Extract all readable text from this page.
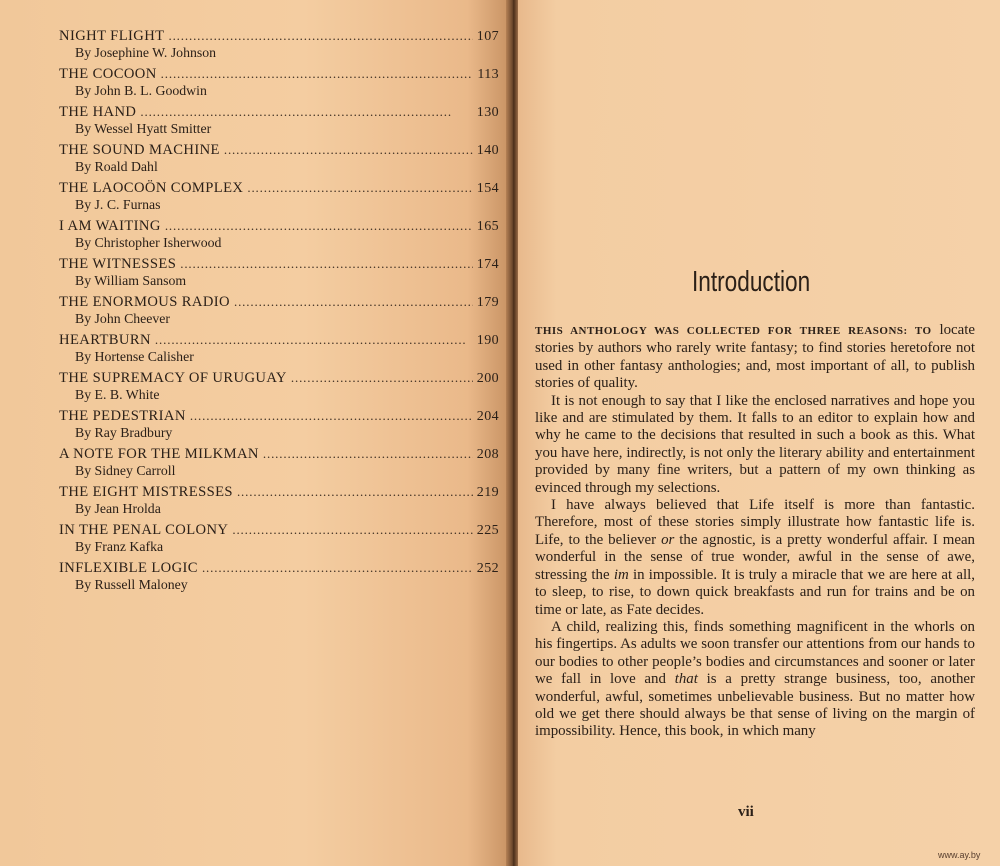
NIGHT FLIGHT . . .	107
By Josephine W. Johnson
THE COCOON . . .	113
By John B. L. Goodwin
THE HAND . . .	130
By Wessel Hyatt Smitter
THE SOUND MACHINE . . .	140
By Roald Dahl
THE LAOCOÖN COMPLEX . . .	154
By J. C. Furnas
I AM WAITING . . .	165
By Christopher Isherwood
THE WITNESSES . . .	174
By William Sansom
THE ENORMOUS RADIO . . .	179
By John Cheever
HEARTBURN . . .	190
By Hortense Calisher
THE SUPREMACY OF URUGUAY . . .	200
By E. B. White
THE PEDESTRIAN . . .	204
By Ray Bradbury
A NOTE FOR THE MILKMAN . . .	208
By Sidney Carroll
THE EIGHT MISTRESSES . . .	219
By Jean Hrolda
IN THE PENAL COLONY . . .	225
By Franz Kafka
INFLEXIBLE LOGIC . . .	252
By Russell Maloney
Introduction

THIS ANTHOLOGY WAS COLLECTED FOR THREE REASONS: TO locate stories by authors who rarely write fantasy; to find stories heretofore not used in other fantasy anthologies; and, most important of all, to publish stories of quality.

It is not enough to say that I like the enclosed narratives and hope you like and are stimulated by them. It falls to an editor to explain how and why he came to the decisions that resulted in such a book as this. What you have here, indirectly, is not only the literary ability and entertainment provided by many fine writers, but a pattern of my own thinking as evinced through my selections.

I have always believed that Life itself is more than fantastic. Therefore, most of these stories simply illustrate how fantastic life is. Life, to the believer or the agnostic, is a pretty wonderful affair. I mean wonderful in the sense of true wonder, awful in the sense of awe, stressing the im in impossible. It is truly a miracle that we are here at all, to sleep, to rise, to down quick breakfasts and run for trains and be on time or late, as Fate decides.

A child, realizing this, finds something magnificent in the whorls on his fingertips. As adults we soon transfer our attentions from our hands to our bodies to other people’s bodies and circumstances and sooner or later we fall in love and that is a pretty strange business, too, another wonderful, awful, sometimes unbelievable business. But no matter how old we get there should always be that sense of living on the margin of impossibility. Hence, this book, in which many

vii
www.ay.by
